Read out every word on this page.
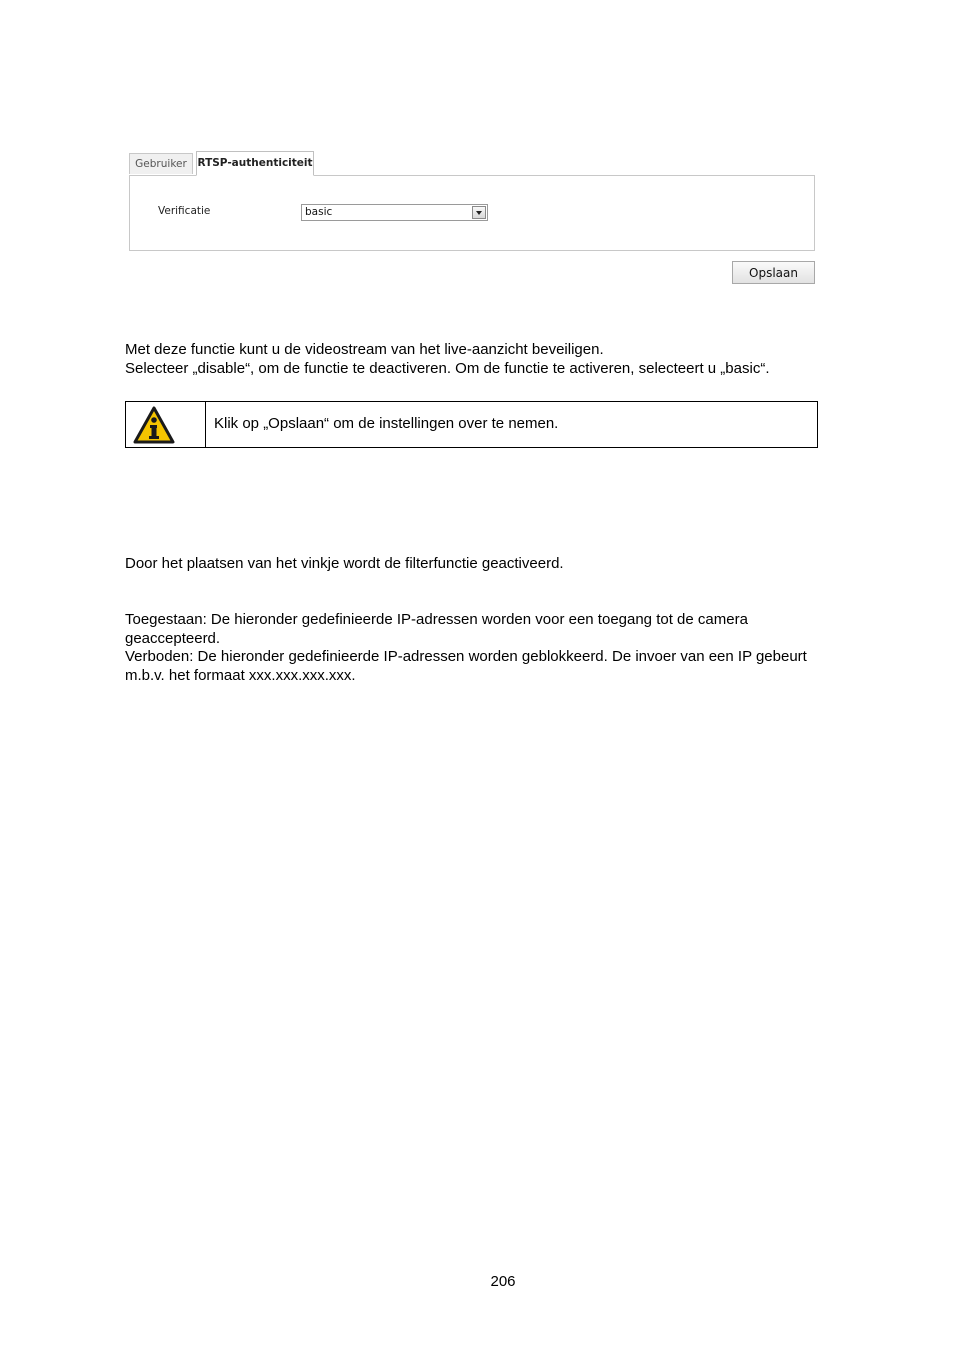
Gebruiker	RTSP-authenticiteit
Verificatie	basic
Opslaan
Met deze functie kunt u de videostream van het live-aanzicht beveiligen.
Selecteer „disable“, om de functie te deactiveren. Om de functie te activeren, selecteert u „basic“.
Klik op „Opslaan“ om de instellingen over te nemen.
Door het plaatsen van het vinkje wordt de filterfunctie geactiveerd.
Toegestaan: De hieronder gedefinieerde IP-adressen worden voor een toegang tot de camera
geaccepteerd.
Verboden: De hieronder gedefinieerde IP-adressen worden geblokkeerd. De invoer van een IP gebeurt
m.b.v. het formaat xxx.xxx.xxx.xxx.
206
